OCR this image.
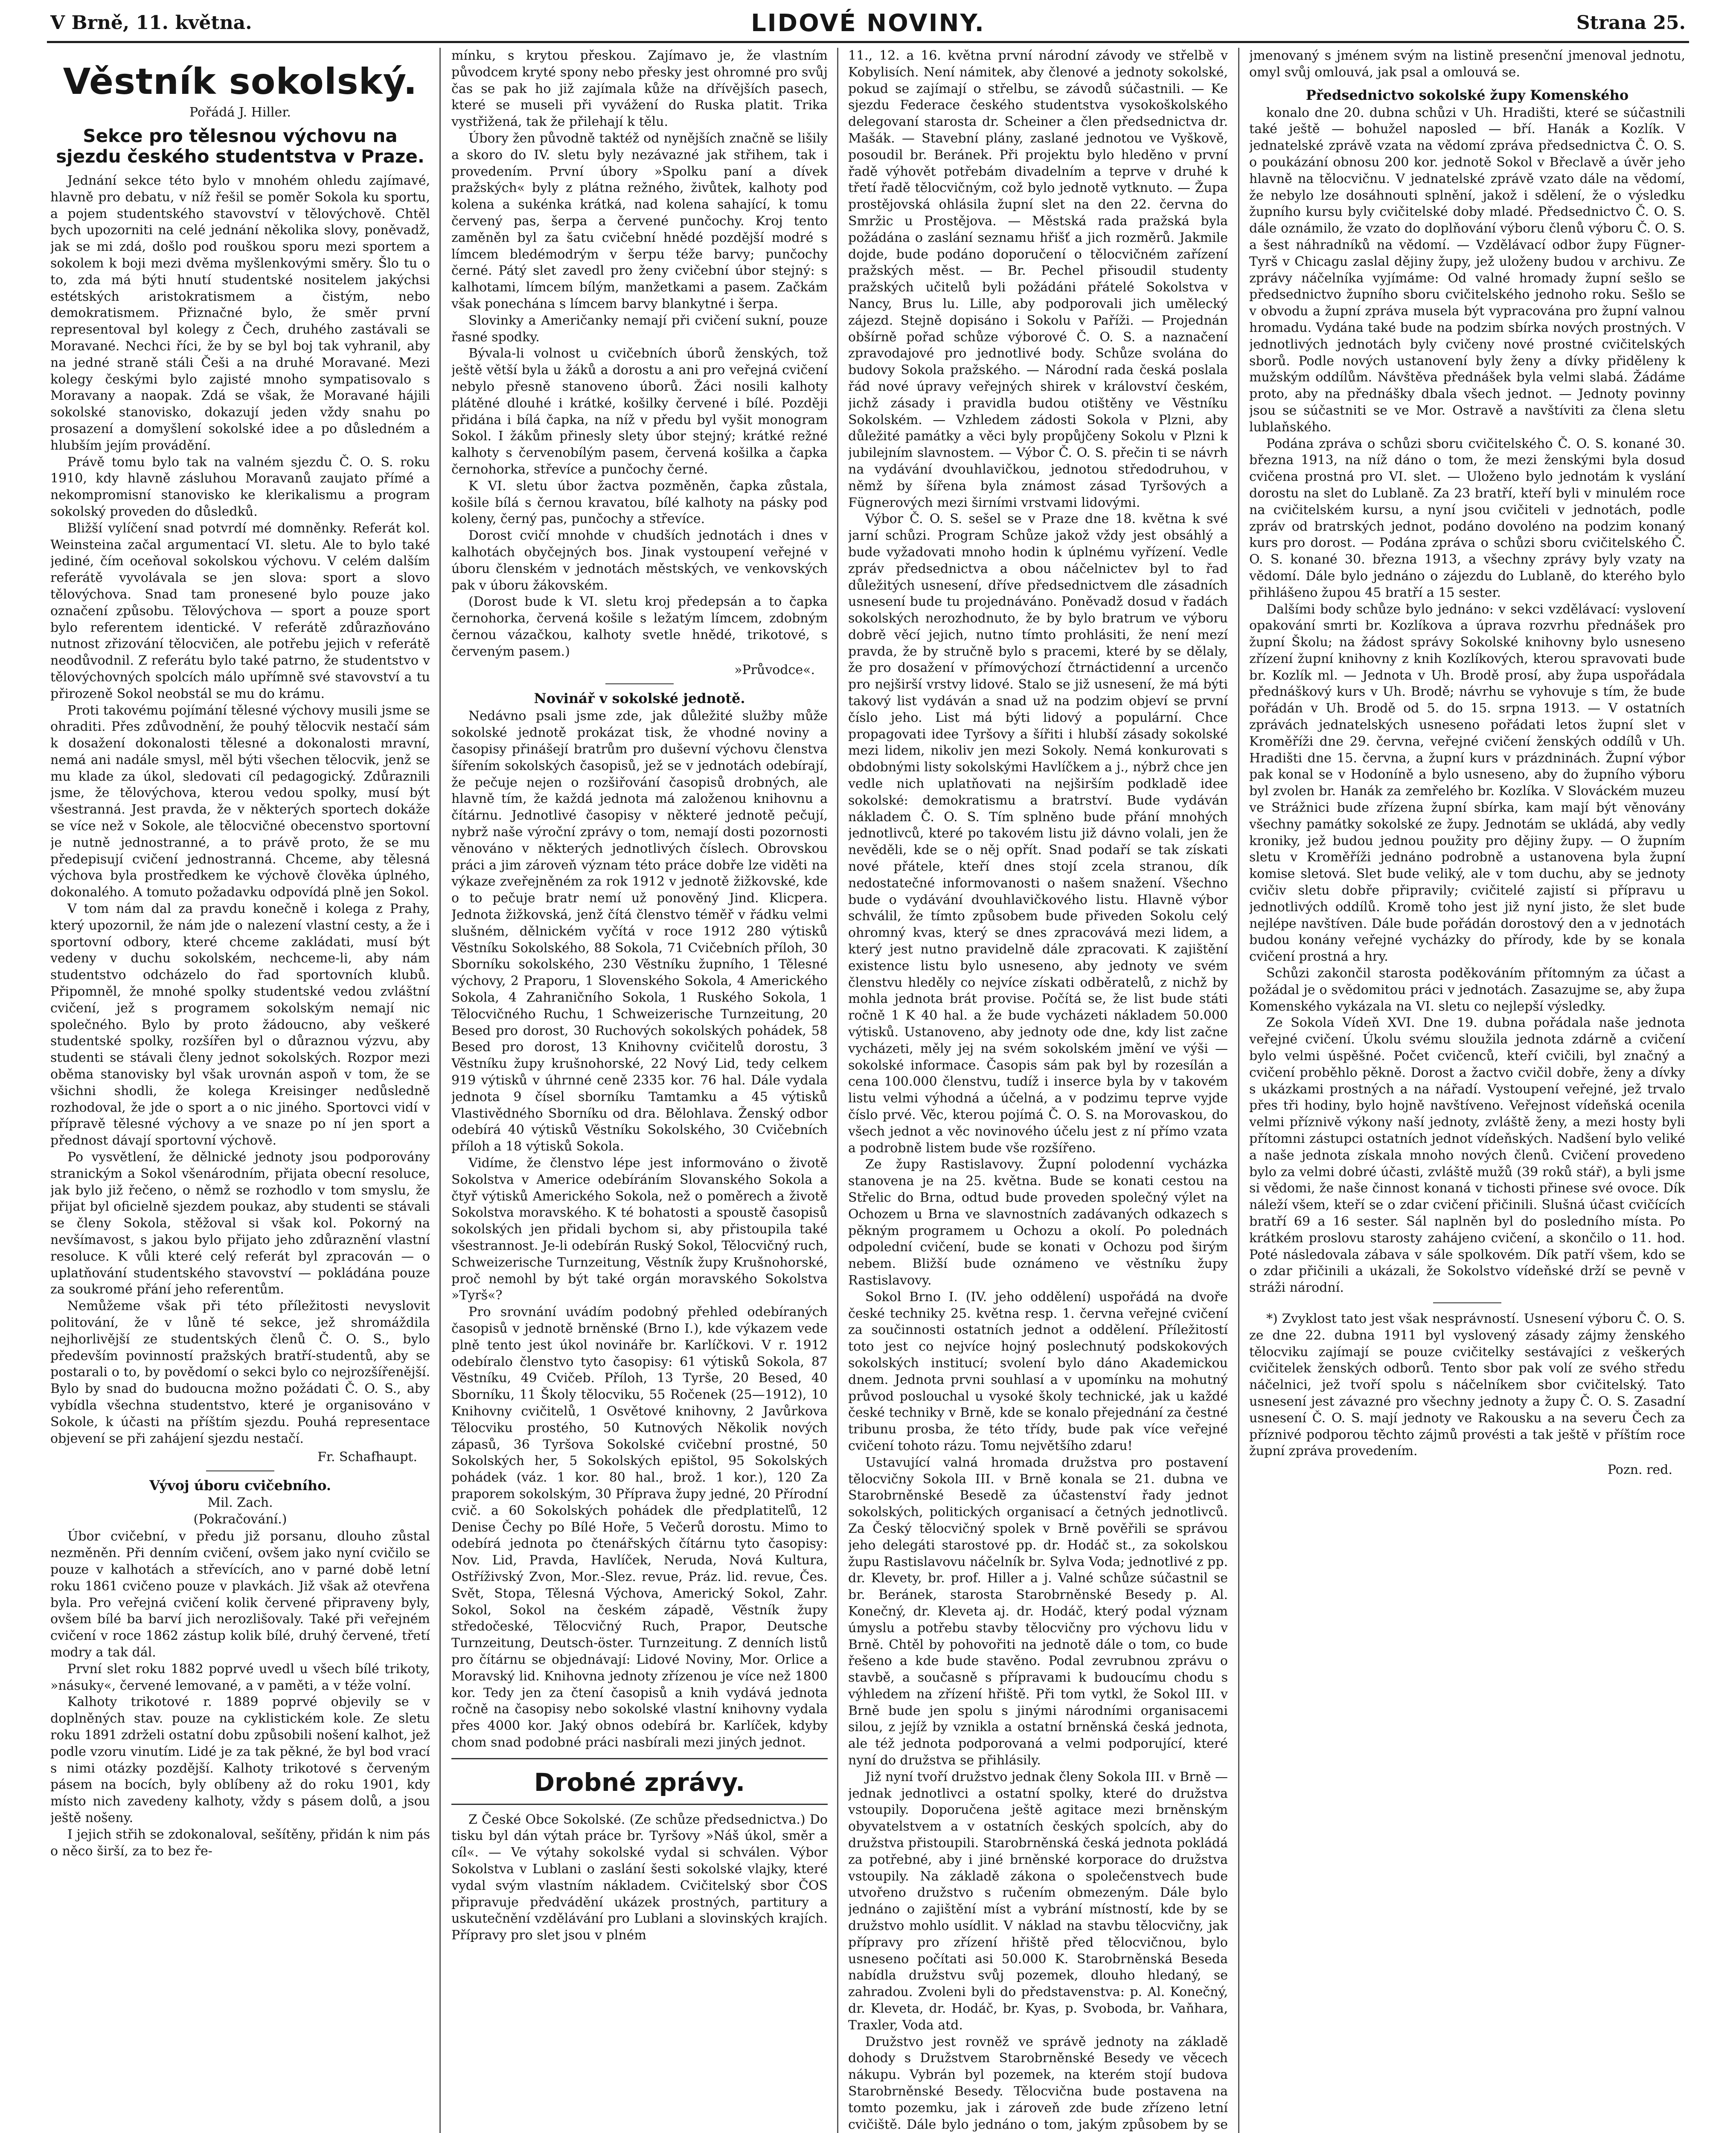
V Brně, 11. května.	LIDOVÉ NOVINY.	Strana 25.
Věstník sokolský.
Pořádá J. Hiller.
Sekce pro tělesnou výchovu na sjezdu českého studentstva v Praze.

Jednání sekce této bylo v mnohém ohledu zajímavé, hlavně pro debatu, v níž řešil se poměr Sokola ku sportu, a pojem studentského stavovství v tělovýchově. Chtěl bych upozorniti na celé jednání několika slovy, poněvadž, jak se mi zdá, došlo pod rouškou sporu mezi sportem a sokolem k boji mezi dvěma myšlenkovými směry. Šlo tu o to, zda má býti hnutí studentské nositelem jakýchsi estétských aristokratismem a čistým, nebo demokratismem. Přiznačné bylo, že směr první representoval byl kolegy z Čech, druhého zastávali se Moravané. Nechci říci, že by se byl boj tak vyhranil, aby na jedné straně stáli Češi a na druhé Moravané. Mezi kolegy českými bylo zajisté mnoho sympatisovalo s Moravany a naopak. Zdá se však, že Moravané hájili sokolské stanovisko, dokazují jeden vždy snahu po prosazení a domyšlení sokolské idee a po důsledném a hlubším jejím provádění.

Právě tomu bylo tak na valném sjezdu Č. O. S. roku 1910, kdy hlavně zásluhou Moravanů zaujato přímé a nekompromisní stanovisko ke klerikalismu a program sokolský proveden do důsledků.

Bližší vylíčení snad potvrdí mé domněnky. Referát kol. Weinsteina začal argumentací VI. sletu. Ale to bylo také jediné, čím oceňoval sokolskou výchovu. V celém dalším referátě vyvolávala se jen slova: sport a slovo tělovýchova. Snad tam pronesené bylo pouze jako označení způsobu. Tělovýchova — sport a pouze sport bylo referentem identické. V referátě zdůrazňováno nutnost zřizování tělocvičen, ale potřebu jejich v referátě neodůvodnil. Z referátu bylo také patrno, že studentstvo v tělovýchovných spolcích málo upřímně své stavovství a tu přirozeně Sokol neobstál se mu do krámu.

Proti takovému pojímání tělesné výchovy musili jsme se ohraditi. Přes zdůvodnění, že pouhý tělocvik nestačí sám k dosažení dokonalosti tělesné a dokonalosti mravní, nemá ani nadále smysl, měl býti všechen tělocvik, jenž se mu klade za úkol, sledovati cíl pedagogický. Zdůraznili jsme, že tělovýchova, kterou vedou spolky, musí být všestranná. Jest pravda, že v některých sportech dokáže se více než v Sokole, ale tělocvičné obecenstvo sportovní je nutně jednostranné, a to právě proto, že se mu předepisují cvičení jednostranná. Chceme, aby tělesná výchova byla prostředkem ke výchově člověka úplného, dokonalého. A tomuto požadavku odpovídá plně jen Sokol.

V tom nám dal za pravdu konečně i kolega z Prahy, který upozornil, že nám jde o nalezení vlastní cesty, a že i sportovní odbory, které chceme zakládati, musí být vedeny v duchu sokolském, nechceme-li, aby nám studentstvo odcházelo do řad sportovních klubů. Připomněl, že mnohé spolky studentské vedou zvláštní cvičení, jež s programem sokolským nemají nic společného. Bylo by proto žádoucno, aby veškeré studentské spolky, rozšířen byl o důraznou výzvu, aby studenti se stávali členy jednot sokolských. Rozpor mezi oběma stanovisky byl však urovnán aspoň v tom, že se všichni shodli, že kolega Kreisinger nedůsledně rozhodoval, že jde o sport a o nic jiného. Sportovci vidí v přípravě tělesné výchovy a ve snaze po ní jen sport a přednost dávají sportovní výchově.

Po vysvětlení, že dělnické jednoty jsou podporovány stranickým a Sokol všenárodním, přijata obecní resoluce, jak bylo již řečeno, o němž se rozhodlo v tom smyslu, že přijat byl oficielně sjezdem poukaz, aby studenti se stávali se členy Sokola, stěžoval si však kol. Pokorný na nevšímavost, s jakou bylo přijato jeho zdůraznění vlastní resoluce. K vůli které celý referát byl zpracován — o uplatňování studentského stavovství — pokládána pouze za soukromé přání jeho referentům.

Nemůžeme však při této příležitosti nevyslovit politování, že v lůně té sekce, jež shromáždila nejhorlivější ze studentských členů Č. O. S., bylo především povinností pražských bratří-studentů, aby se postarali o to, by povědomí o sekci bylo co nejrozšířenější. Bylo by snad do budoucna možno požádati Č. O. S., aby vybídla všechna studentstvo, které je organisováno v Sokole, k účasti na příštím sjezdu. Pouhá representace objevení se při zahájení sjezdu nestačí.

Fr. Schafhaupt.
Vývoj úboru cvičebního.
Mil. Zach.
(Pokračování.)

Úbor cvičební, v předu již porsanu, dlouho zůstal nezměněn. Při denním cvičení, ovšem jako nyní cvičilo se pouze v kalhotách a střevících, ano v parné době letní roku 1861 cvičeno pouze v plavkách. Již však až otevřena byla. Pro veřejná cvičení kolik červené připraveny byly, ovšem bílé ba barví jich nerozlišovaly. Také při veřejném cvičení v roce 1862 zástup kolik bílé, druhý červené, třetí modry a tak dál.

První slet roku 1882 poprvé uvedl u všech bílé trikoty, »násuky«, červené lemované, a v paměti, a v téže volní.

Kalhoty trikotové r. 1889 poprvé objevily se v doplněných stav. pouze na cyklistickém kole. Ze sletu roku 1891 zdrželi ostatní dobu způsobili nošení kalhot, jež podle vzoru vinutím. Lidé je za tak pěkné, že byl bod vrací s nimi otázky pozdější. Kalhoty trikotové s červeným pásem na bocích, byly oblíbeny až do roku 1901, kdy místo nich zavedeny kalhoty, vždy s pásem dolů, a jsou ještě nošeny.

I jejich střih se zdokonaloval, sešítěny, přidán k nim pás o něco širší, za to bez ře-

mínku, s krytou přeskou. Zajímavo je, že vlastním původcem kryté spony nebo přesky jest ohromné pro svůj čas se pak ho již zajímala kůže na dřívějších pasech, které se museli při vyvážení do Ruska platit. Trika vystřižená, tak že přilehají k tělu.

Úbory žen původně taktéž od nynějších značně se lišily a skoro do IV. sletu byly nezávazné jak střihem, tak i provedením. První úbory »Spolku paní a dívek pražských« byly z plátna režného, živůtek, kalhoty pod kolena a sukénka krátká, nad kolena sahající, k tomu červený pas, šerpa a červené punčochy. Kroj tento zaměněn byl za šatu cvičební hnědé pozdější modré s límcem bledémodrým v šerpu téže barvy; punčochy černé. Pátý slet zavedl pro ženy cvičební úbor stejný: s kalhotami, límcem bílým, manžetkami a pasem. Začkám však ponechána s límcem barvy blankytné i šerpa.

Slovinky a Američanky nemají při cvičení sukní, pouze řasné spodky.

Bývala-li volnost u cvičebních úborů ženských, tož ještě větší byla u žáků a dorostu a ani pro veřejná cvičení nebylo přesně stanoveno úborů. Žáci nosili kalhoty plátěné dlouhé i krátké, košilky červené i bílé. Později přidána i bílá čapka, na níž v předu byl vyšit monogram Sokol. I žákům přinesly slety úbor stejný; krátké režné kalhoty s červenobílým pasem, červená košilka a čapka černohorka, střevíce a punčochy černé.

K VI. sletu úbor žactva pozměněn, čapka zůstala, košile bílá s černou kravatou, bílé kalhoty na pásky pod koleny, černý pas, punčochy a střevíce.

Dorost cvičí mnohde v chudších jednotách i dnes v kalhotách obyčejných bos. Jinak vystoupení veřejné v úboru členském v jednotách městských, ve venkovských pak v úboru žákovském.

(Dorost bude k VI. sletu kroj předepsán a to čapka černohorka, červená košile s ležatým límcem, zdobným černou vázačkou, kalhoty svetle hnědé, trikotové, s červeným pasem.)

»Průvodce«.
Novinář v sokolské jednotě.

Nedávno psali jsme zde, jak důležité služby může sokolské jednotě prokázat tisk, že vhodné noviny a časopisy přinášejí bratrům pro duševní výchovu členstva šířením sokolských časopisů, jež se v jednotách odebírají, že pečuje nejen o rozšiřování časopisů drobných, ale hlavně tím, že každá jednota má založenou knihovnu a čítárnu. Jednotlivé časopisy v některé jednotě pečují, nybrž naše výroční zprávy o tom, nemají dosti pozornosti věnováno v některých jednotlivých číslech. Obrovskou práci a jim zároveň význam této práce dobře lze viděti na výkaze zveřejněném za rok 1912 v jednotě žižkovské, kde o to pečuje bratr nemí už ponověný Jind. Klicpera. Jednota žižkovská, jenž čítá členstvo téměř v řádku velmi slušném, dělnickém vyčítá v roce 1912 280 výtisků Věstníku Sokolského, 88 Sokola, 71 Cvičebních příloh, 30 Sborníku sokolského, 230 Věstníku župního, 1 Tělesné výchovy, 2 Praporu, 1 Slovenského Sokola, 4 Amerického Sokola, 4 Zahraničního Sokola, 1 Ruského Sokola, 1 Tělocvičného Ruchu, 1 Schweizerische Turnzeitung, 20 Besed pro dorost, 30 Ruchových sokolských pohádek, 58 Besed pro dorost, 13 Knihovny cvičitelů dorostu, 3 Věstníku župy krušnohorské, 22 Nový Lid, tedy celkem 919 výtisků v úhrnné ceně 2335 kor. 76 hal. Dále vydala jednota 9 čísel sborníku Tamtamku a 45 výtisků Vlastivědného Sborníku od dra. Bělohlava. Ženský odbor odebírá 40 výtisků Věstníku Sokolského, 30 Cvičebních příloh a 18 výtisků Sokola.

Vidíme, že členstvo lépe jest informováno o životě Sokolstva v Americe odebíráním Slovanského Sokola a čtyř výtisků Amerického Sokola, než o poměrech a životě Sokolstva moravského. K té bohatosti a spoustě časopisů sokolských jen přidali bychom si, aby přistoupila také všestrannost. Je-li odebírán Ruský Sokol, Tělocvičný ruch, Schweizerische Turnzeitung, Věstník župy Krušnohorské, proč nemohl by být také orgán moravského Sokolstva »Tyrš«?

Pro srovnání uvádím podobný přehled odebíraných časopisů v jednotě brněnské (Brno I.), kde výkazem vede plně tento jest úkol novináře br. Karlíčkovi. V r. 1912 odebíralo členstvo tyto časopisy: 61 výtisků Sokola, 87 Věstníku, 49 Cvičeb. Příloh, 13 Tyrše, 20 Besed, 40 Sborníku, 11 Školy tělocviku, 55 Ročenek (25—1912), 10 Knihovny cvičitelů, 1 Osvětové knihovny, 2 Javůrkova Tělocviku prostého, 50 Kutnových Několik nových zápasů, 36 Tyršova Sokolské cvičební prostné, 50 Sokolských her, 5 Sokolských epištol, 95 Sokolských pohádek (váz. 1 kor. 80 hal., brož. 1 kor.), 120 Za praporem sokolským, 30 Příprava župy jedné, 20 Přírodní cvič. a 60 Sokolských pohádek dle předplatiteľů, 12 Denise Čechy po Bílé Hoře, 5 Večerů dorostu. Mimo to odebírá jednota po čtenářských čítárnu tyto časopisy: Nov. Lid, Pravda, Havlíček, Neruda, Nová Kultura, Ostříživský Zvon, Mor.-Slez. revue, Práz. lid. revue, Čes. Svět, Stopa, Tělesná Výchova, Americký Sokol, Zahr. Sokol, Sokol na českém západě, Věstník župy středočeské, Tělocvičný Ruch, Prapor, Deutsche Turnzeitung, Deutsch-öster. Turnzeitung. Z denních listů pro čítárnu se objednávají: Lidové Noviny, Mor. Orlice a Moravský lid. Knihovna jednoty zřízenou je více než 1800 kor. Tedy jen za čtení časopisů a knih vydává jednota ročně na časopisy nebo sokolské vlastní knihovny vydala přes 4000 kor. Jaký obnos odebírá br. Karlíček, kdyby chom snad podobné práci nasbírali mezi jiných jednot.

Drobné zprávy.

Z České Obce Sokolské. (Ze schůze předsednictva.) Do tisku byl dán výtah práce br. Tyršovy »Náš úkol, směr a cíl«. — Ve výtahy sokolské vydal si schválen. Výbor Sokolstva v Lublani o zaslání šesti sokolské vlajky, které vydal svým vlastním nákladem. Cvičitelský sbor ČOS připravuje předvádění ukázek prostných, partitury a uskutečnění vzdělávání pro Lublani a slovinských krajích. Přípravy pro slet jsou v plném

11., 12. a 16. května první národní závody ve střelbě v Kobylisích. Není námitek, aby členové a jednoty sokolské, pokud se zajímají o střelbu, se závodů súčastnili. — Ke sjezdu Federace českého studentstva vysokoškolského delegovaní starosta dr. Scheiner a člen předsednictva dr. Mašák. — Stavební plány, zaslané jednotou ve Vyškově, posoudil br. Beránek. Při projektu bylo hleděno v první řadě výhovět potřebám divadelním a teprve v druhé k třetí řadě tělocvičným, což bylo jednotě vytknuto. — Župa prostějovská ohlásila župní slet na den 22. června do Smržic u Prostějova. — Městská rada pražská byla požádána o zaslání seznamu hřišť a jich rozměrů. Jakmile dojde, bude podáno doporučení o tělocvičném zařízení pražských měst. — Br. Pechel přisoudil studenty pražských učitelů byli požádáni přátelé Sokolstva v Nancy, Brus lu. Lille, aby podporovali jich umělecký zájezd. Stejně dopisáno i Sokolu v Paříži. — Projednán obšírně pořad schůze výborové Č. O. S. a naznačení zpravodajové pro jednotlivé body. Schůze svolána do budovy Sokola pražského. — Národní rada česká poslala řád nové úpravy veřejných shirek v království českém, jichž zásady i pravidla budou otištěny ve Věstníku Sokolském. — Vzhledem zádosti Sokola v Plzni, aby důležité památky a věci byly propůjčeny Sokolu v Plzni k jubilejním slavnostem. — Výbor Č. O. S. přečin ti se návrh na vydávání dvouhlavičkou, jednotou středodruhou, v němž by šířena byla známost zásad Tyršových a Fügnerových mezi širními vrstvami lidovými.

Výbor Č. O. S. sešel se v Praze dne 18. května k své jarní schůzi. Program Schůze jakož vždy jest obsáhlý a bude vyžadovati mnoho hodin k úplnému vyřízení. Vedle zpráv předsednictva a obou náčelnictev byl to řad důležitých usnesení, dříve předsednictvem dle zásadních usnesení bude tu projednáváno. Poněvadž dosud v řadách sokolských nerozhodnuto, že by bylo bratrum ve výboru dobrě věcí jejich, nutno tímto prohlásiti, že není mezí pravda, že by stručně bylo s pracemi, které by se dělaly, že pro dosažení v přímovýchozí čtrnáctidenní a urcenčo pro nejširší vrstvy lidové. Stalo se již usnesení, že má býti takový list vydáván a snad už na podzim objeví se první číslo jeho. List má býti lidový a populární. Chce propagovati idee Tyršovy a šířiti i hlubší zásady sokolské mezi lidem, nikoliv jen mezi Sokoly. Nemá konkurovati s obdobnými listy sokolskými Havlíčkem a j., nýbrž chce jen vedle nich uplatňovati na nejširším podkladě idee sokolské: demokratismu a bratrství. Bude vydáván nákladem Č. O. S. Tím splněno bude přání mnohých jednotlivců, které po takovém listu již dávno volali, jen že nevěděli, kde se o něj opřít. Snad podaří se tak získati nové přátele, kteří dnes stojí zcela stranou, dík nedostatečné informovanosti o našem snažení. Všechno bude o vydávání dvouhlavičkového listu. Hlavně výbor schválil, že tímto způsobem bude přiveden Sokolu celý ohromný kvas, který se dnes zpracovává mezi lidem, a který jest nutno pravidelně dále zpracovati. K zajištění existence listu bylo usneseno, aby jednoty ve svém členstvu hleděly co nejvíce získati odběratelů, z nichž by mohla jednota brát provise. Počítá se, že list bude státi ročně 1 K 40 hal. a že bude vycházeti nákladem 50.000 výtisků. Ustanoveno, aby jednoty ode dne, kdy list začne vycházeti, měly jej na svém sokolském jmění ve výši — sokolské informace. Časopis sám pak byl by rozesílán a cena 100.000 členstvu, tudíž i inserce byla by v takovém listu velmi výhodná a účelná, a v podzimu teprve vyjde číslo prvé. Věc, kterou pojímá Č. O. S. na Morovaskou, do všech jednot a věc novinového účelu jest z ní přímo vzata a podrobně listem bude vše rozšířeno.

Ze župy Rastislavovy. Župní polodenní vycházka stanovena je na 25. května. Bude se konati cestou na Střelic do Brna, odtud bude proveden společný výlet na Ochozem u Brna ve slavnostních zadávaných odkazech s pěkným programem u Ochozu a okolí. Po polednách odpolední cvičení, bude se konati v Ochozu pod širým nebem. Bližší bude oznámeno ve věstníku župy Rastislavovy.

Sokol Brno I. (IV. jeho oddělení) uspořádá na dvoře české techniky 25. května resp. 1. června veřejné cvičení za součinnosti ostatních jednot a oddělení. Příležitostí toto jest co nejvíce hojný poslechnutý podskokových sokolských institucí; svolení bylo dáno Akademickou dnem. Jednota prvni souhlasí a v upomínku na mohutný průvod poslouchal u vysoké školy technické, jak u každé české techniky v Brně, kde se konalo přejednání za čestné tribunu prosba, že této třídy, bude pak více veřejné cvičení tohoto rázu. Tomu největšího zdaru!

Ustavující valná hromada družstva pro postavení tělocvičny Sokola III. v Brně konala se 21. dubna ve Starobrněnské Besedě za účastenství řady jednot sokolských, politických organisací a četných jednotlivců. Za Český tělocvičný spolek v Brně pověřili se správou jeho delegáti starostové pp. dr. Hodáč st., za sokolskou župu Rastislavovu náčelník br. Sylva Voda; jednotlivé z pp. dr. Klevety, br. prof. Hiller a j. Valné schůze súčastnil se br. Beránek, starosta Starobrněnské Besedy p. Al. Konečný, dr. Kleveta aj. dr. Hodáč, který podal význam úmyslu a potřebu stavby tělocvičny pro výchovu lidu v Brně. Chtěl by pohovořiti na jednotě dále o tom, co bude řešeno a kde bude stavěno. Podal zevrubnou zprávu o stavbě, a současně s přípravami k budoucímu chodu s výhledem na zřízení hřiště. Při tom vytkl, že Sokol III. v Brně bude jen spolu s jinými národními organisacemi silou, z jejíž by vznikla a ostatní brněnská česká jednota, ale též jednota podporovaná a velmi podporující, které nyní do družstva se přihlásily.

Již nyní tvoří družstvo jednak členy Sokola III. v Brně — jednak jednotlivci a ostatní spolky, které do družstva vstoupily. Doporučena ještě agitace mezi brněnským obyvatelstvem a v ostatních českých spolcích, aby do družstva přistoupili. Starobrněnská česká jednota pokládá za potřebné, aby i jiné brněnské korporace do družstva vstoupily. Na základě zákona o společenstvech bude utvořeno družstvo s ručením obmezeným. Dále bylo jednáno o zajištění míst a vybrání místností, kde by se družstvo mohlo usídlit. V náklad na stavbu tělocvičny, jak přípravy pro zřízení hřiště před tělocvičnou, bylo usneseno počítati asi 50.000 K. Starobrněnská Beseda nabídla družstvu svůj pozemek, dlouho hledaný, se zahradou. Zvoleni byli do představenstva: p. Al. Konečný, dr. Kleveta, dr. Hodáč, br. Kyas, p. Svoboda, br. Vaňhara, Traxler, Voda atd.

Družstvo jest rovněž ve správě jednoty na základě dohody s Družstvem Starobrněnské Besedy ve věcech nákupu. Vybrán byl pozemek, na kterém stojí budova Starobrněnské Besedy. Tělocvična bude postavena na tomto pozemku, jak i zároveň zde bude zřízeno letní cvičiště. Dále bylo jednáno o tom, jakým způsobem by se

jmenovaný s jménem svým na listině presenční jmenoval jednotu, omyl svůj omlouvá, jak psal a omlouvá se.

Předsednictvo sokolské župy Komenského

konalo dne 20. dubna schůzi v Uh. Hradišti, které se súčastnili také ještě — bohužel naposled — bří. Hanák a Kozlík. V jednatelské zprávě vzata na vědomí zpráva předsednictva Č. O. S. o poukázání obnosu 200 kor. jednotě Sokol v Břeclavě a úvěr jeho hlavně na tělocvičnu. V jednatelské zprávě vzato dále na vědomí, že nebylo lze dosáhnouti splnění, jakož i sdělení, že o výsledku župního kursu byly cvičitelské doby mladé. Předsednictvo Č. O. S. dále oznámilo, že vzato do doplňování výboru členů výboru Č. O. S. a šest náhradníků na vědomí. — Vzdělávací odbor župy Fügner-Tyrš v Chicagu zaslal dějiny župy, jež uloženy budou v archivu. Ze zprávy náčelníka vyjímáme: Od valné hromady župní sešlo se předsednictvo župního sboru cvičitelského jednoho roku. Sešlo se v obvodu a župní zpráva musela být vypracována pro župní valnou hromadu. Vydána také bude na podzim sbírka nových prostných. V jednotlivých jednotách byly cvičeny nové prostné cvičitelských sborů. Podle nových ustanovení byly ženy a dívky přiděleny k mužským oddílům. Návštěva přednášek byla velmi slabá. Žádáme proto, aby na přednášky dbala všech jednot. — Jednoty povinny jsou se súčastniti se ve Mor. Ostravě a navštíviti za člena sletu lublaňského.

Podána zpráva o schůzi sboru cvičitelského Č. O. S. konané 30. března 1913, na níž dáno o tom, že mezi ženskými byla dosud cvičena prostná pro VI. slet. — Uloženo bylo jednotám k vyslání dorostu na slet do Lublaně. Za 23 bratří, kteří byli v minulém roce na cvičitelském kursu, a nyní jsou cvičiteli v jednotách, podle zpráv od bratrských jednot, podáno dovoléno na podzim konaný kurs pro dorost. — Podána zpráva o schůzi sboru cvičitelského Č. O. S. konané 30. března 1913, a všechny zprávy byly vzaty na vědomí. Dále bylo jednáno o zájezdu do Lublaně, do kterého bylo přihlášeno župou 45 bratří a 15 sester.

Dalšími body schůze bylo jednáno: v sekci vzdělávací: vyslovení opakování smrti br. Kozlíkova a úprava rozvrhu přednášek pro župní Školu; na žádost správy Sokolské knihovny bylo usneseno zřízení župní knihovny z knih Kozlíkových, kterou spravovati bude br. Kozlík ml. — Jednota v Uh. Brodě prosí, aby župa uspořádala přednáškový kurs v Uh. Brodě; návrhu se vyhovuje s tím, že bude pořádán v Uh. Brodě od 5. do 15. srpna 1913. — V ostatních zprávách jednatelských usneseno pořádati letos župní slet v Kroměříži dne 29. června, veřejné cvičení ženských oddílů v Uh. Hradišti dne 15. června, a župní kurs v prázdninách. Župní výbor pak konal se v Hodoníně a bylo usneseno, aby do župního výboru byl zvolen br. Hanák za zemřelého br. Kozlíka. V Slováckém muzeu ve Strážnici bude zřízena župní sbírka, kam mají být věnovány všechny památky sokolské ze župy. Jednotám se ukládá, aby vedly kroniky, jež budou jednou použity pro dějiny župy. — O župním sletu v Kroměříži jednáno podrobně a ustanovena byla župní komise sletová. Slet bude veliký, ale v tom duchu, aby se jednoty cvičiv sletu dobře připravily; cvičitelé zajistí si přípravu u jednotlivých oddílů. Kromě toho jest již nyní jisto, že slet bude nejlépe navštíven. Dále bude pořádán dorostový den a v jednotách budou konány veřejné vycházky do přírody, kde by se konala cvičení prostná a hry.

Schůzi zakončil starosta poděkováním přítomným za účast a požádal je o svědomitou práci v jednotách. Zasazujme se, aby župa Komenského vykázala na VI. sletu co nejlepší výsledky.

Ze Sokola Vídeň XVI. Dne 19. dubna pořádala naše jednota veřejné cvičení. Úkolu svému sloužila jednota zdárně a cvičení bylo velmi úspěšné. Počet cvičenců, kteří cvičili, byl značný a cvičení proběhlo pěkně. Dorost a žactvo cvičil dobře, ženy a dívky s ukázkami prostných a na nářadí. Vystoupení veřejné, jež trvalo přes tři hodiny, bylo hojně navštíveno. Veřejnost vídeňská ocenila velmi příznivě výkony naší jednoty, zvláště ženy, a mezi hosty byli přítomni zástupci ostatních jednot vídeňských. Nadšení bylo veliké a naše jednota získala mnoho nových členů. Cvičení provedeno bylo za velmi dobré účasti, zvláště mužů (39 roků stář), a byli jsme si vědomi, že naše činnost konaná v tichosti přinese své ovoce. Dík náleží všem, kteří se o zdar cvičení přičinili. Slušná účast cvičících bratří 69 a 16 sester. Sál naplněn byl do posledního místa. Po krátkém proslovu starosty zahájeno cvičení, a skončilo o 11. hod. Poté následovala zábava v sále spolkovém. Dík patří všem, kdo se o zdar přičinili a ukázali, že Sokolstvo vídeňské drží se pevně v stráži národní.

*) Zvyklost tato jest však nesprávností. Usnesení výboru Č. O. S. ze dne 22. dubna 1911 byl vyslovený zásady zájmy ženského tělocviku zajímají se pouze cvičitelky sestávajíci z veškerých cvičitelek ženských odborů. Tento sbor pak volí ze svého středu náčelnici, jež tvoří spolu s náčelníkem sbor cvičitelský. Tato usnesení jest závazné pro všechny jednoty a župy Č. O. S. Zasadní usnesení Č. O. S. mají jednoty ve Rakousku a na severu Čech za příznivé podporou těchto zájmů provésti a tak ještě v příštím roce župní zpráva provedením.

Pozn. red.
